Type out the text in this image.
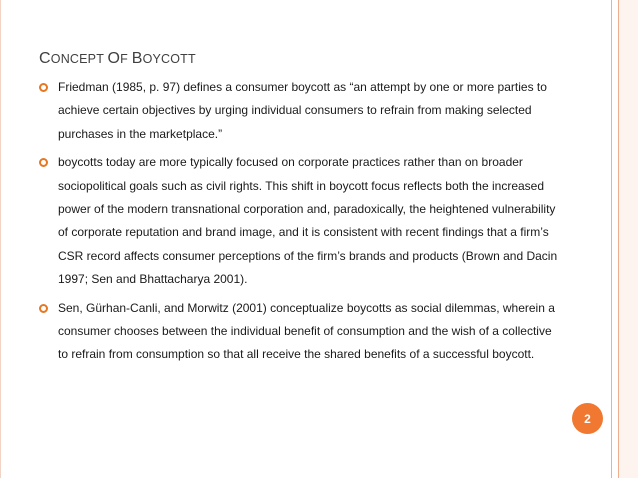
CONCEPT OF BOYCOTT
Friedman (1985, p. 97) defines a consumer boycott as “an attempt by one or more parties to achieve certain objectives by urging individual consumers to refrain from making selected purchases in the marketplace.”
boycotts today are more typically focused on corporate practices rather than on broader sociopolitical goals such as civil rights. This shift in boycott focus reflects both the increased power of the modern transnational corporation and, paradoxically, the heightened vulnerability of corporate reputation and brand image, and it is consistent with recent findings that a firm’s CSR record affects consumer perceptions of the firm’s brands and products (Brown and Dacin 1997; Sen and Bhattacharya 2001).
Sen, Gürhan-Canli, and Morwitz (2001) conceptualize boycotts as social dilemmas, wherein a consumer chooses between the individual benefit of consumption and the wish of a collective to refrain from consumption so that all receive the shared benefits of a successful boycott.
2
